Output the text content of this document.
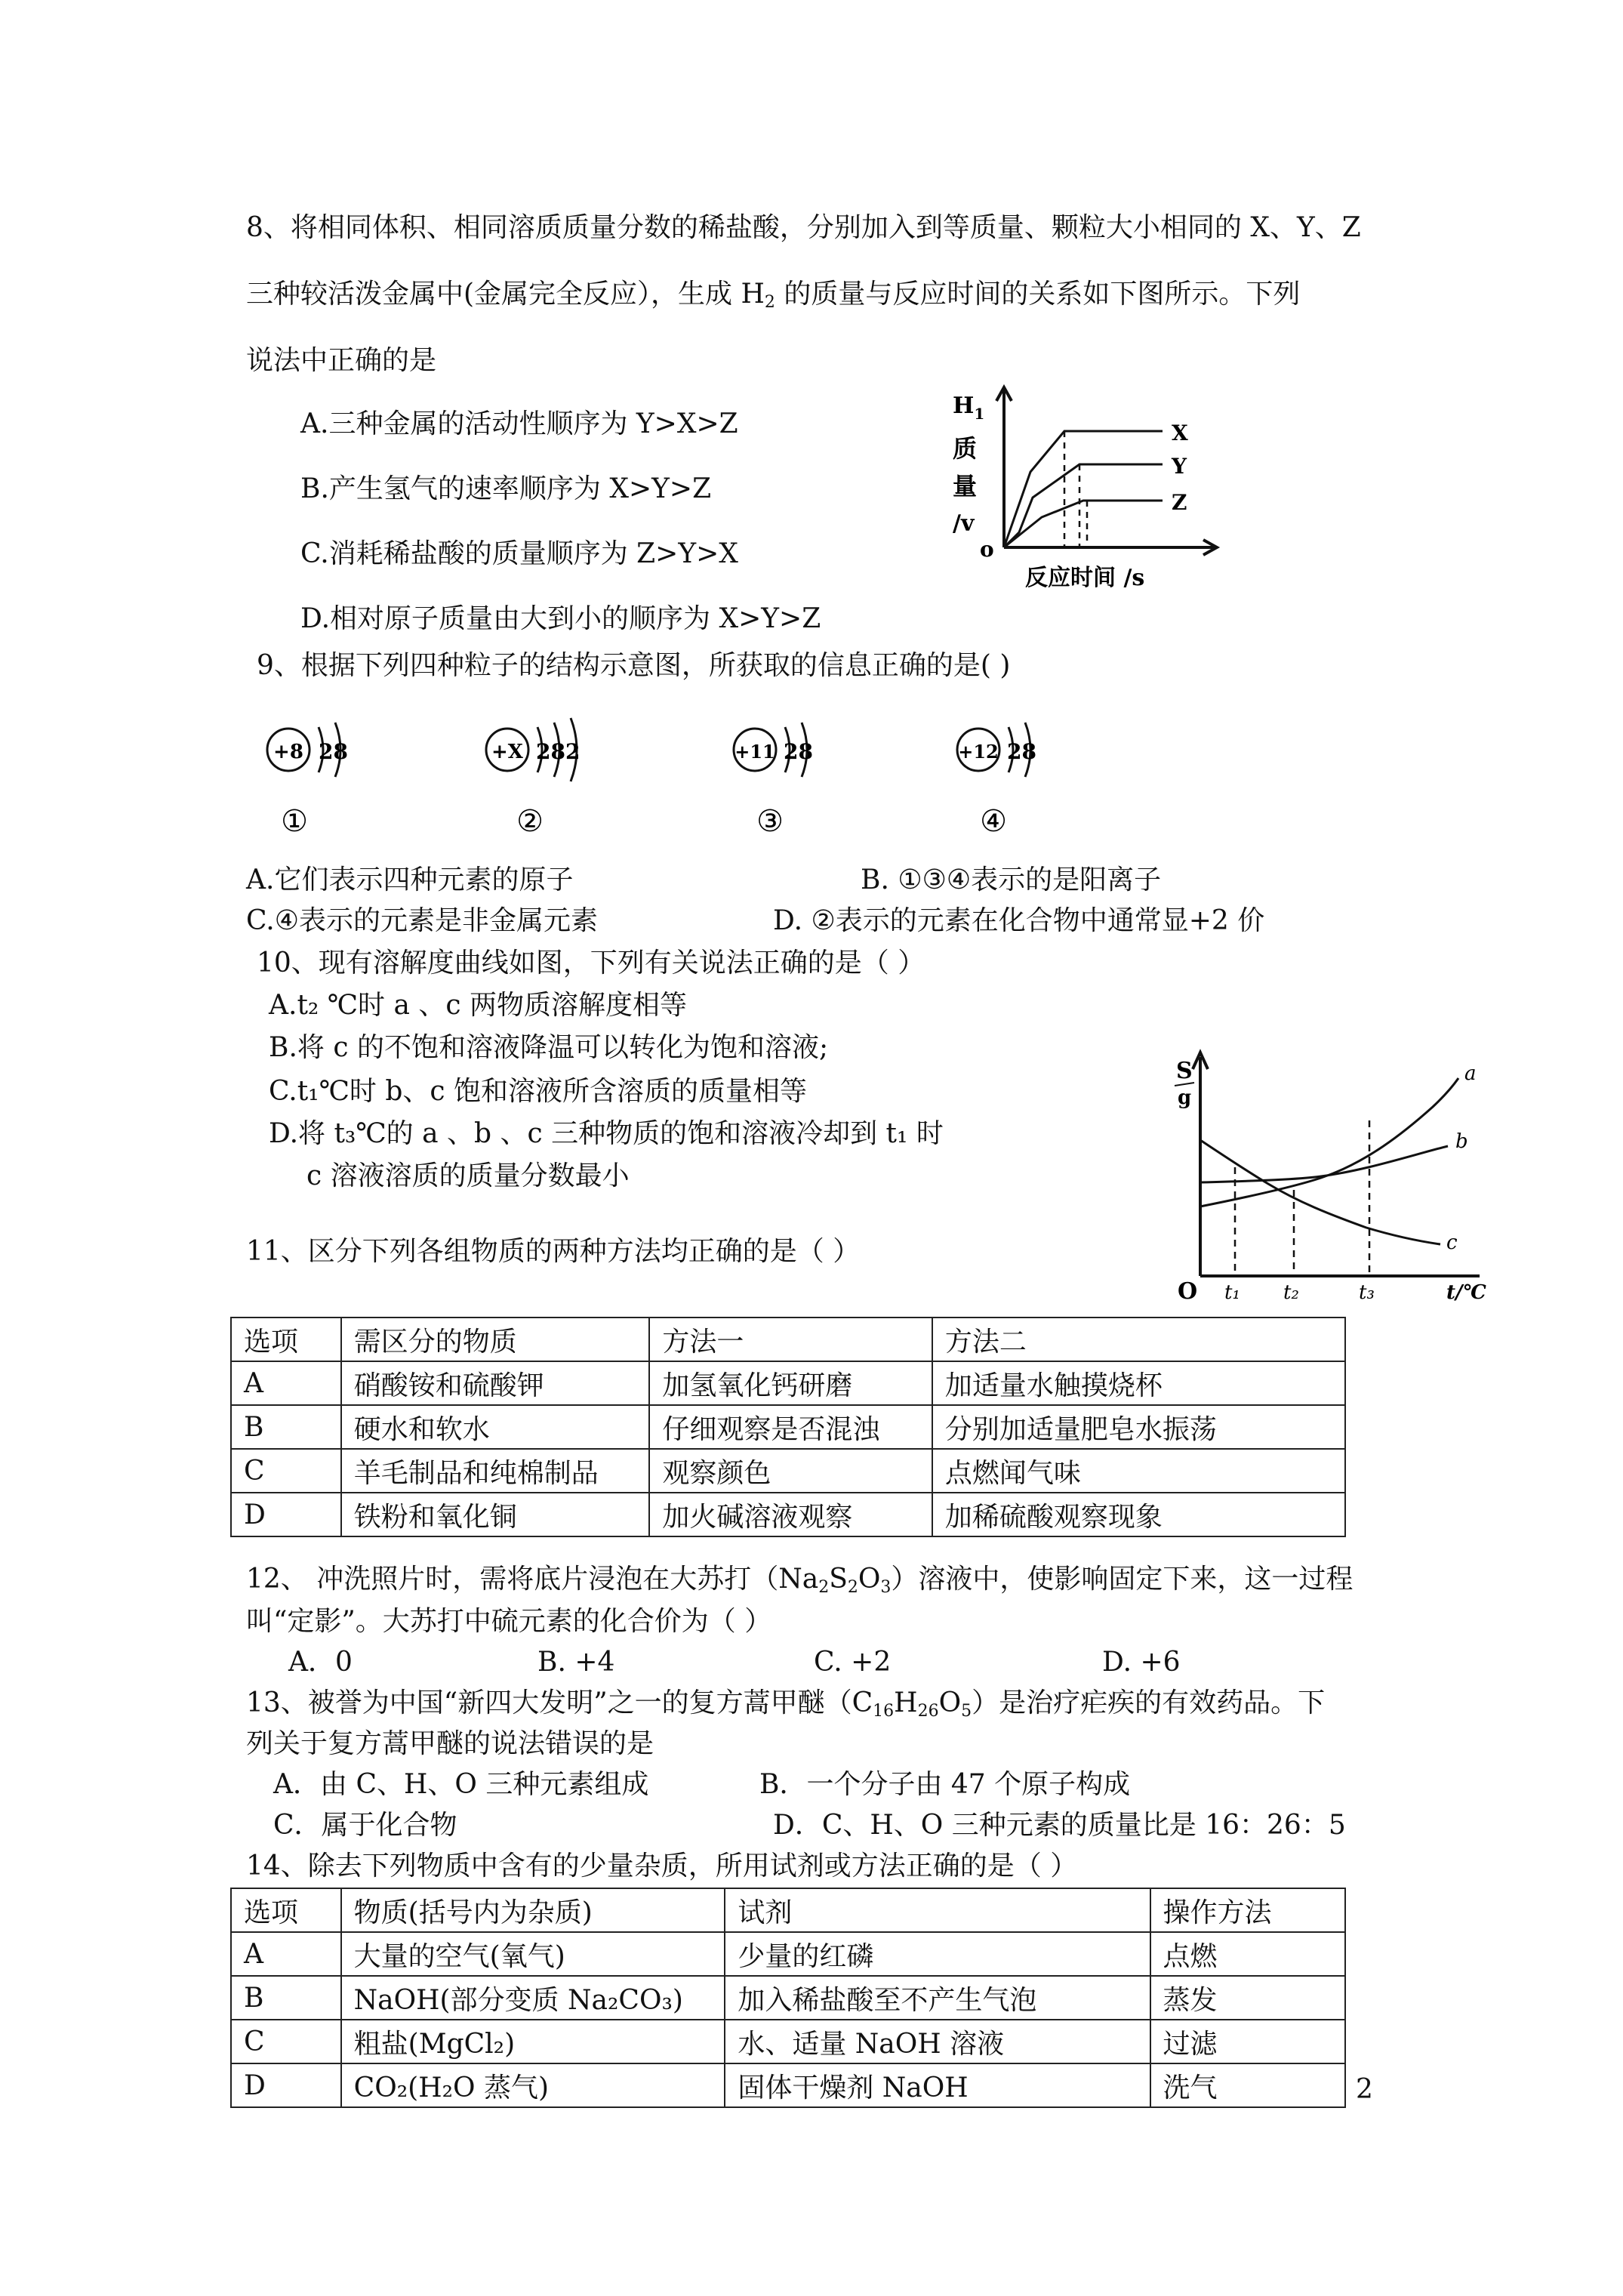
8、将相同体积、相同溶质质量分数的稀盐酸，分别加入到等质量、颗粒大小相同的 X、Y、Z
三种较活泼金属中(金属完全反应），生成 $H_2$ 的质量与反应时间的关系如下图所示。下列
说法中正确的是
A.三种金属的活动性顺序为 Y>X>Z
B.产生氢气的速率顺序为 X>Y>Z
C.消耗稀盐酸的质量顺序为 Z>Y>X
D.相对原子质量由大到小的顺序为 X>Y>Z
$H_1$
质
量
/v
o
反应时间 /s
X
Y
Z
9、根据下列四种粒子的结构示意图，所获取的信息正确的是( )
+8 28
①
+X 282
②
+11 28
③
+12 28
④
A.它们表示四种元素的原子	B. ①③④表示的是阳离子
C.④表示的元素是非金属元素	D. ②表示的元素在化合物中通常显+2 价
10、现有溶解度曲线如图，下列有关说法正确的是（ ）
A.t₂ ℃时 a 、c 两物质溶解度相等
B.将 c 的不饱和溶液降温可以转化为饱和溶液;
C.t₁℃时 b、c 饱和溶液所含溶质的质量相等
D.将 t₃℃的 a 、b 、c 三种物质的饱和溶液冷却到 t₁ 时
c 溶液溶质的质量分数最小
S
g
O t₁ t₂	t₃	t/℃
a
b
c
11、区分下列各组物质的两种方法均正确的是（ ）
选项	需区分的物质	方法一	方法二
A	硝酸铵和硫酸钾	加氢氧化钙研磨	加适量水触摸烧杯
B	硬水和软水	仔细观察是否混浊	分别加适量肥皂水振荡
C	羊毛制品和纯棉制品	观察颜色	点燃闻气味
D	铁粉和氧化铜	加火碱溶液观察	加稀硫酸观察现象
12、 冲洗照片时，需将底片浸泡在大苏打$(Na_2S_2O_3)$溶液中，使影响固定下来，这一过程
叫“定影”。大苏打中硫元素的化合价为（ ）
A．0	B. +4	C. +2	D. +6
13、被誉为中国“新四大发明”之一的复方蒿甲醚$(C_{16}H_{26}O_5)$是治疗疟疾的有效药品。下
列关于复方蒿甲醚的说法错误的是
A．由 C、H、O 三种元素组成	B．一个分子由 47 个原子构成
C．属于化合物	D．C、H、O 三种元素的质量比是 16：26：5
14、除去下列物质中含有的少量杂质，所用试剂或方法正确的是（ ）
选项	物质(括号内为杂质)	试剂	操作方法
A	大量的空气(氧气)	少量的红磷	点燃
B	NaOH(部分变质 Na₂CO₃)	加入稀盐酸至不产生气泡	蒸发
C	粗盐(MgCl₂)	水、适量 NaOH 溶液	过滤
D	CO₂(H₂O 蒸气)	固体干燥剂 NaOH	洗气	2
